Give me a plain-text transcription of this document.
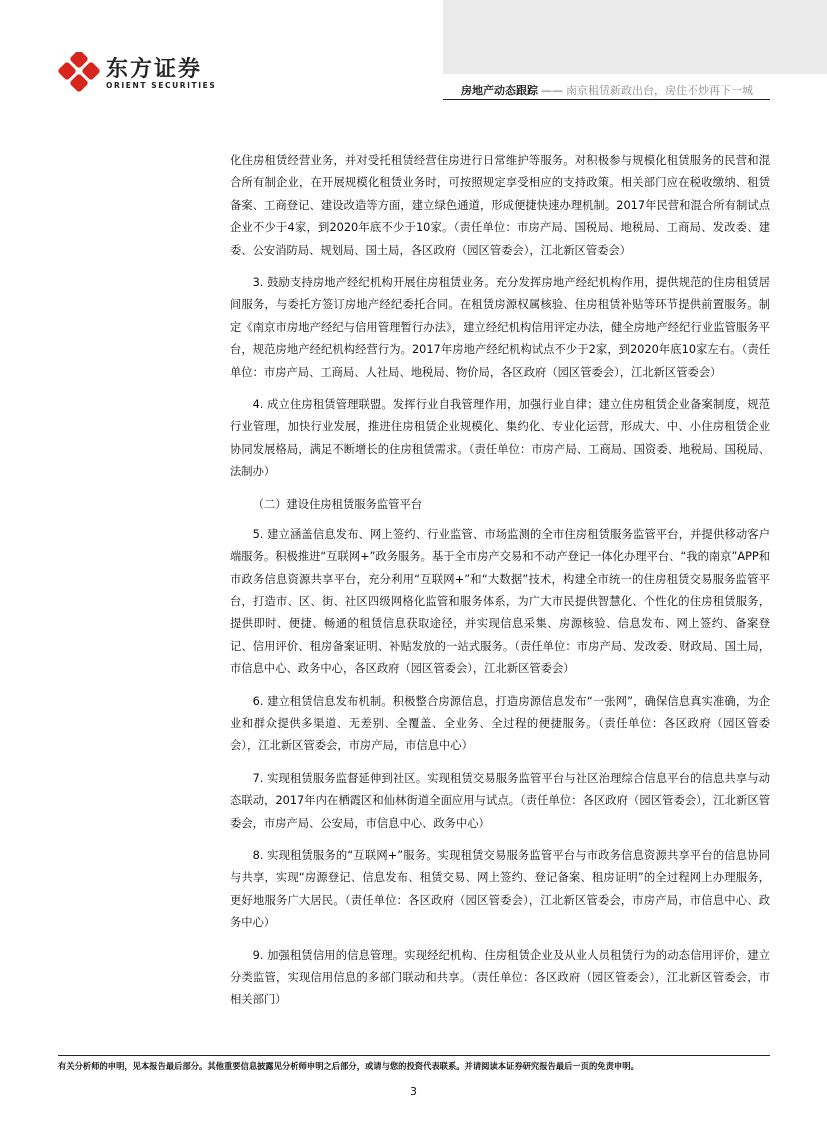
东方证券
ORIENT SECURITIES	房地产动态跟踪 —— 南京租赁新政出台，房住不炒再下一城

化住房租赁经营业务，并对受托租赁经营住房进行日常维护等服务。对积极参与规模化租赁服务的民营和混合所有制企业，在开展规模化租赁业务时，可按照规定享受相应的支持政策。相关部门应在税收缴纳、租赁备案、工商登记、建设改造等方面，建立绿色通道，形成便捷快速办理机制。2017年民营和混合所有制试点企业不少于4家，到2020年底不少于10家。（责任单位：市房产局、国税局、地税局、工商局、发改委、建委、公安消防局、规划局、国土局，各区政府（园区管委会），江北新区管委会）

3. 鼓励支持房地产经纪机构开展住房租赁业务。充分发挥房地产经纪机构作用，提供规范的住房租赁居间服务，与委托方签订房地产经纪委托合同。在租赁房源权属核验、住房租赁补贴等环节提供前置服务。制定《南京市房地产经纪与信用管理暂行办法》，建立经纪机构信用评定办法，健全房地产经纪行业监管服务平台，规范房地产经纪机构经营行为。2017年房地产经纪机构试点不少于2家，到2020年底10家左右。（责任单位：市房产局、工商局、人社局、地税局、物价局，各区政府（园区管委会），江北新区管委会）

4. 成立住房租赁管理联盟。发挥行业自我管理作用，加强行业自律；建立住房租赁企业备案制度，规范行业管理，加快行业发展，推进住房租赁企业规模化、集约化、专业化运营，形成大、中、小住房租赁企业协同发展格局，满足不断增长的住房租赁需求。（责任单位：市房产局、工商局、国资委、地税局、国税局、法制办）

（二）建设住房租赁服务监管平台

5. 建立涵盖信息发布、网上签约、行业监管、市场监测的全市住房租赁服务监管平台，并提供移动客户端服务。积极推进“互联网+”政务服务。基于全市房产交易和不动产登记一体化办理平台、“我的南京”APP和市政务信息资源共享平台，充分利用“互联网+”和“大数据”技术，构建全市统一的住房租赁交易服务监管平台，打造市、区、街、社区四级网格化监管和服务体系，为广大市民提供智慧化、个性化的住房租赁服务，提供即时、便捷、畅通的租赁信息获取途径，并实现信息采集、房源核验、信息发布、网上签约、备案登记、信用评价、租房备案证明、补贴发放的一站式服务。（责任单位：市房产局、发改委、财政局、国土局，市信息中心、政务中心，各区政府（园区管委会），江北新区管委会）

6. 建立租赁信息发布机制。积极整合房源信息，打造房源信息发布“一张网”，确保信息真实准确，为企业和群众提供多渠道、无差别、全覆盖、全业务、全过程的便捷服务。（责任单位：各区政府（园区管委会），江北新区管委会，市房产局，市信息中心）

7. 实现租赁服务监督延伸到社区。实现租赁交易服务监管平台与社区治理综合信息平台的信息共享与动态联动，2017年内在栖霞区和仙林街道全面应用与试点。（责任单位：各区政府（园区管委会），江北新区管委会，市房产局、公安局，市信息中心、政务中心）

8. 实现租赁服务的“互联网+”服务。实现租赁交易服务监管平台与市政务信息资源共享平台的信息协同与共享，实现“房源登记、信息发布、租赁交易、网上签约、登记备案、租房证明”的全过程网上办理服务，更好地服务广大居民。（责任单位：各区政府（园区管委会），江北新区管委会，市房产局，市信息中心、政务中心）

9. 加强租赁信用的信息管理。实现经纪机构、住房租赁企业及从业人员租赁行为的动态信用评价，建立分类监管，实现信用信息的多部门联动和共享。（责任单位：各区政府（园区管委会），江北新区管委会，市相关部门）

有关分析师的申明，见本报告最后部分。其他重要信息披露见分析师申明之后部分，或请与您的投资代表联系。并请阅读本证券研究报告最后一页的免责申明。
3
